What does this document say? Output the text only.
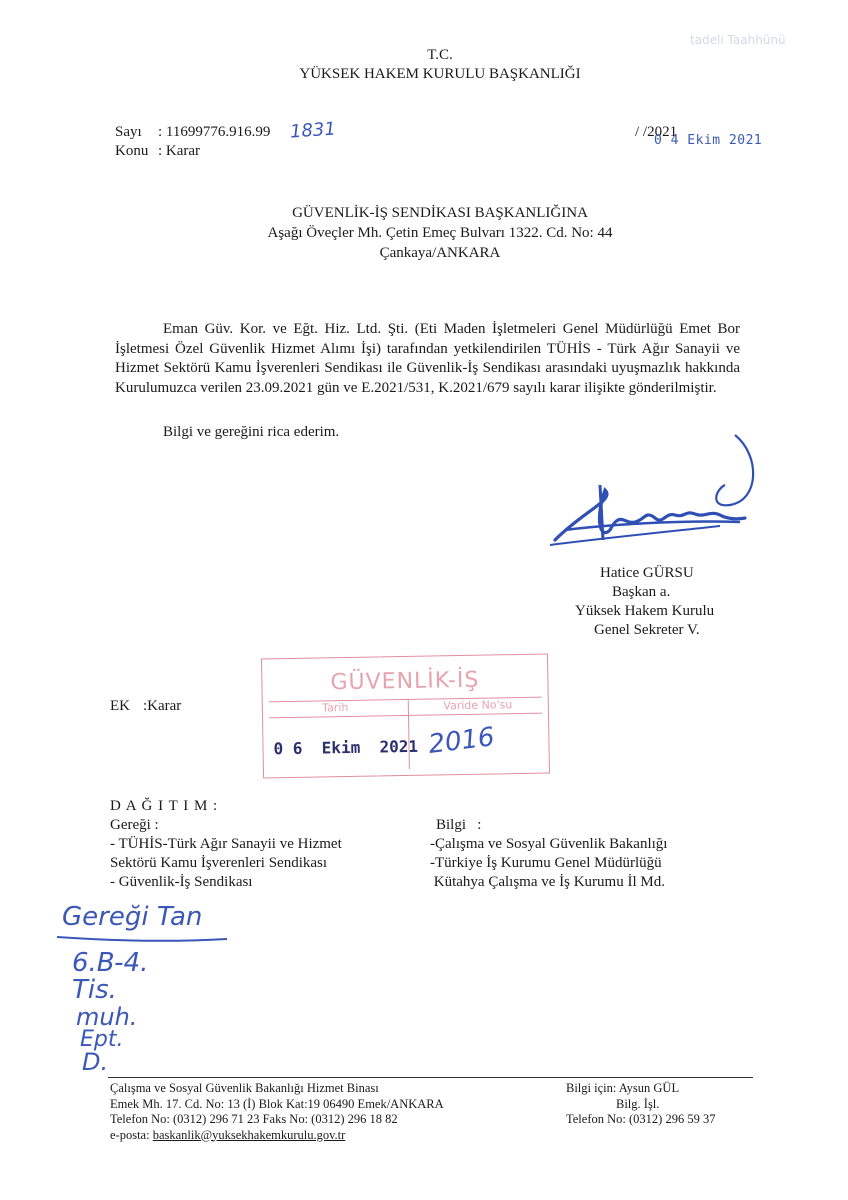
tadeli Taahhünü
T.C.
YÜKSEK HAKEM KURULU BAŞKANLIĞI
Sayı : 11699776.916.99 1831
Konu : Karar
/ /2021
0 4 Ekim 2021
GÜVENLİK-İŞ SENDİKASI BAŞKANLIĞINA
Aşağı Öveçler Mh. Çetin Emeç Bulvarı 1322. Cd. No: 44
Çankaya/ANKARA
Eman Güv. Kor. ve Eğt. Hiz. Ltd. Şti. (Eti Maden İşletmeleri Genel Müdürlüğü Emet Bor İşletmesi Özel Güvenlik Hizmet Alımı İşi) tarafından yetkilendirilen TÜHİS - Türk Ağır Sanayii ve Hizmet Sektörü Kamu İşverenleri Sendikası ile Güvenlik-İş Sendikası arasındaki uyuşmazlık hakkında Kurulumuzca verilen 23.09.2021 gün ve E.2021/531, K.2021/679 sayılı karar ilişikte gönderilmiştir.
Bilgi ve gereğini rica ederim.
Hatice GÜRSU
Başkan a.
Yüksek Hakem Kurulu
Genel Sekreter V.
EK :Karar
GÜVENLİK-İŞ
Tarih	Varide No'su
0 6  Ekim  2021 2016
D A Ğ I T I M :
Gereği :
- TÜHİS-Türk Ağır Sanayii ve Hizmet
Sektörü Kamu İşverenleri Sendikası
- Güvenlik-İş Sendikası
Bilgi   :
-Çalışma ve Sosyal Güvenlik Bakanlığı
-Türkiye İş Kurumu Genel Müdürlüğü
Kütahya Çalışma ve İş Kurumu İl Md.
Gereği Tan
6.B-4.
Tis.
muh.
Ept.
D.
Çalışma ve Sosyal Güvenlik Bakanlığı Hizmet Binası
Emek Mh. 17. Cd. No: 13 (İ) Blok Kat:19 06490 Emek/ANKARA
Telefon No: (0312) 296 71 23 Faks No: (0312) 296 18 82
e-posta: baskanlik@yuksekhakemkurulu.gov.tr
Bilgi için: Aysun GÜL
Bilg. İşl.
Telefon No: (0312) 296 59 37
